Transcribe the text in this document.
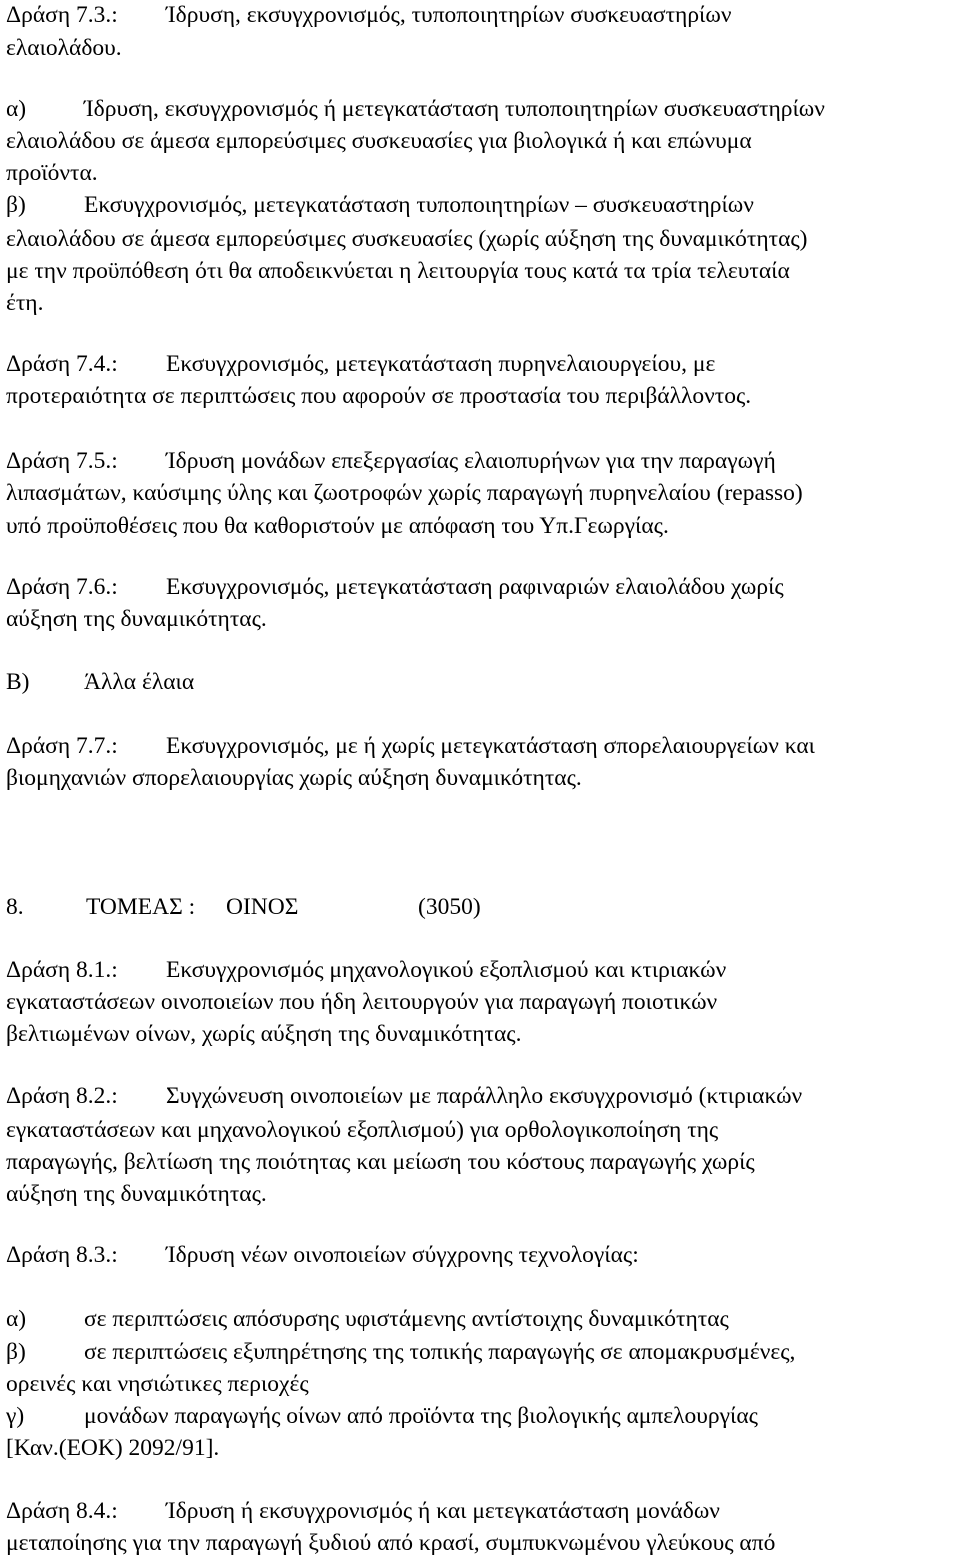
Δράση 7.3.: Ίδρυση, εκσυγχρονισμός, τυποποιητηρίων συσκευαστηρίων
ελαιολάδου.
α) Ίδρυση, εκσυγχρονισμός ή μετεγκατάσταση τυποποιητηρίων συσκευαστηρίων
ελαιολάδου σε άμεσα εμπορεύσιμες συσκευασίες για βιολογικά ή και επώνυμα
προϊόντα.
β) Εκσυγχρονισμός, μετεγκατάσταση τυποποιητηρίων – συσκευαστηρίων
ελαιολάδου σε άμεσα εμπορεύσιμες συσκευασίες (χωρίς αύξηση της δυναμικότητας)
με την προϋπόθεση ότι θα αποδεικνύεται η λειτουργία τους κατά τα τρία τελευταία
έτη.
Δράση 7.4.: Εκσυγχρονισμός, μετεγκατάσταση πυρηνελαιουργείου, με
προτεραιότητα σε περιπτώσεις που αφορούν σε προστασία του περιβάλλοντος.
Δράση 7.5.: Ίδρυση μονάδων επεξεργασίας ελαιοπυρήνων για την παραγωγή
λιπασμάτων, καύσιμης ύλης και ζωοτροφών χωρίς παραγωγή πυρηνελαίου (repasso)
υπό προϋποθέσεις που θα καθοριστούν με απόφαση του Υπ.Γεωργίας.
Δράση 7.6.: Εκσυγχρονισμός, μετεγκατάσταση ραφιναριών ελαιολάδου χωρίς
αύξηση της δυναμικότητας.
Β) Άλλα έλαια
Δράση 7.7.: Εκσυγχρονισμός, με ή χωρίς μετεγκατάσταση σπορελαιουργείων και
βιομηχανιών σπορελαιουργίας χωρίς αύξηση δυναμικότητας.
8.	ΤΟΜΕΑΣ : ΟΙΝΟΣ	(3050)
Δράση 8.1.: Εκσυγχρονισμός μηχανολογικού εξοπλισμού και κτιριακών
εγκαταστάσεων οινοποιείων που ήδη λειτουργούν για παραγωγή ποιοτικών
βελτιωμένων οίνων, χωρίς αύξηση της δυναμικότητας.
Δράση 8.2.: Συγχώνευση οινοποιείων με παράλληλο εκσυγχρονισμό (κτιριακών
εγκαταστάσεων και μηχανολογικού εξοπλισμού) για ορθολογικοποίηση της
παραγωγής, βελτίωση της ποιότητας και μείωση του κόστους παραγωγής χωρίς
αύξηση της δυναμικότητας.
Δράση 8.3.: Ίδρυση νέων οινοποιείων σύγχρονης τεχνολογίας:
α) σε περιπτώσεις απόσυρσης υφιστάμενης αντίστοιχης δυναμικότητας
β) σε περιπτώσεις εξυπηρέτησης της τοπικής παραγωγής σε απομακρυσμένες,
ορεινές και νησιώτικες περιοχές
γ)	μονάδων παραγωγής οίνων από προϊόντα της βιολογικής αμπελουργίας
[Καν.(ΕΟΚ) 2092/91].
Δράση 8.4.: Ίδρυση ή εκσυγχρονισμός ή και μετεγκατάσταση μονάδων
μεταποίησης για την παραγωγή ξυδιού από κρασί, συμπυκνωμένου γλεύκους από
